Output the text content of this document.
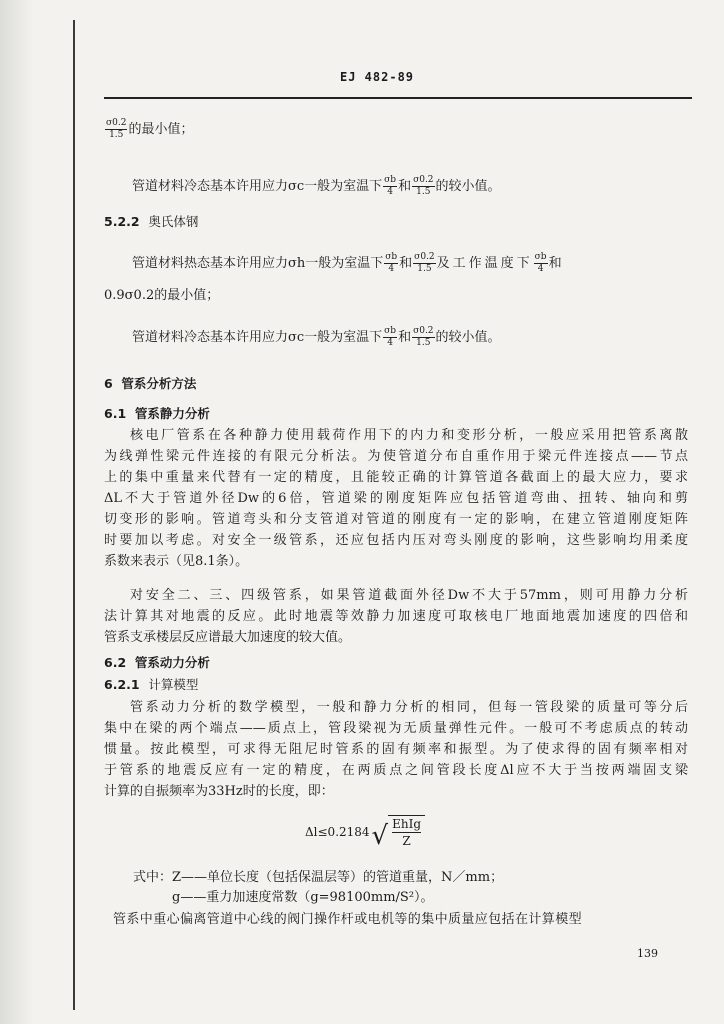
EJ 482-89
$\frac{\sigma 0.2}{1.5}$ 的最小值；
管道材料冷态基本许用应力σc一般为室温下 $\frac{\sigma b}{4}$ 和 $\frac{\sigma 0.2}{1.5}$ 的较小值。
5.2.2 奥氏体钢
管道材料热态基本许用应力σh一般为室温下 $\frac{\sigma b}{4}$ 和 $\frac{\sigma 0.2}{1.5}$ 及工作温度下 $\frac{\sigma b}{4}$ 和
0.9σ0.2的最小值；
管道材料冷态基本许用应力σc一般为室温下 $\frac{\sigma b}{4}$ 和 $\frac{\sigma 0.2}{1.5}$ 的较小值。
6 管系分析方法
6.1 管系静力分析
核电厂管系在各种静力使用载荷作用下的内力和变形分析，一般应采用把管系离散
为线弹性梁元件连接的有限元分析法。为使管道分布自重作用于梁元件连接点——节点
上的集中重量来代替有一定的精度，且能较正确的计算管道各截面上的最大应力，要求
ΔL不大于管道外径Dw的6倍，管道梁的刚度矩阵应包括管道弯曲、扭转、轴向和剪
切变形的影响。管道弯头和分支管道对管道的刚度有一定的影响，在建立管道刚度矩阵
时要加以考虑。对安全一级管系，还应包括内压对弯头刚度的影响，这些影响均用柔度
系数来表示（见8.1条）。
对安全二、三、四级管系，如果管道截面外径Dw不大于57mm，则可用静力分析
法计算其对地震的反应。此时地震等效静力加速度可取核电厂地面地震加速度的四倍和
管系支承楼层反应谱最大加速度的较大值。
6.2 管系动力分析
6.2.1 计算模型
管系动力分析的数学模型，一般和静力分析的相同，但每一管段梁的质量可等分后
集中在梁的两个端点——质点上，管段梁视为无质量弹性元件。一般可不考虑质点的转动
惯量。按此模型，可求得无阻尼时管系的固有频率和振型。为了使求得的固有频率相对
于管系的地震反应有一定的精度，在两质点之间管段长度Δl应不大于当按两端固支梁
计算的自振频率为33Hz时的长度，即：
Δl≤0.2184 √ $\frac{\text{EhIg}}{Z}$
式中：Z——单位长度（包括保温层等）的管道重量，N／mm；
g——重力加速度常数（g=98100mm/S²）。
管系中重心偏离管道中心线的阀门操作杆或电机等的集中质量应包括在计算模型
139
